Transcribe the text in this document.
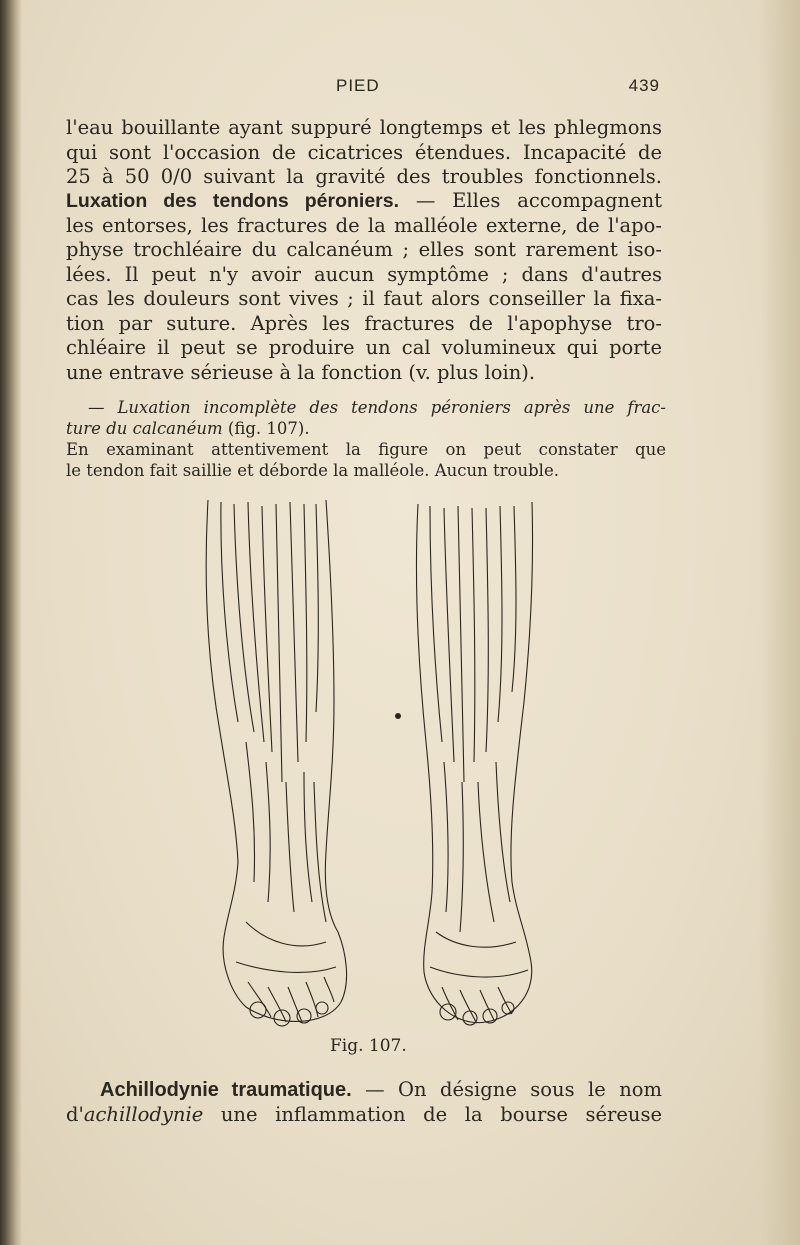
PIED	439
l'eau bouillante ayant suppuré longtemps et les phlegmons
qui sont l'occasion de cicatrices étendues. Incapacité de
25 à 50 0/0 suivant la gravité des troubles fonctionnels.
Luxation des tendons péroniers. — Elles accompagnent
les entorses, les fractures de la malléole externe, de l'apo-
physe trochléaire du calcanéum ; elles sont rarement iso-
lées. Il peut n'y avoir aucun symptôme ; dans d'autres
cas les douleurs sont vives ; il faut alors conseiller la fixa-
tion par suture. Après les fractures de l'apophyse tro-
chléaire il peut se produire un cal volumineux qui porte
une entrave sérieuse à la fonction (v. plus loin).
— Luxation incomplète des tendons péroniers après une frac-
ture du calcanéum (fig. 107).
En examinant attentivement la figure on peut constater que
le tendon fait saillie et déborde la malléole. Aucun trouble.
Fig. 107.
Achillodynie traumatique. — On désigne sous le nom
d'achillodynie une inflammation de la bourse séreuse
